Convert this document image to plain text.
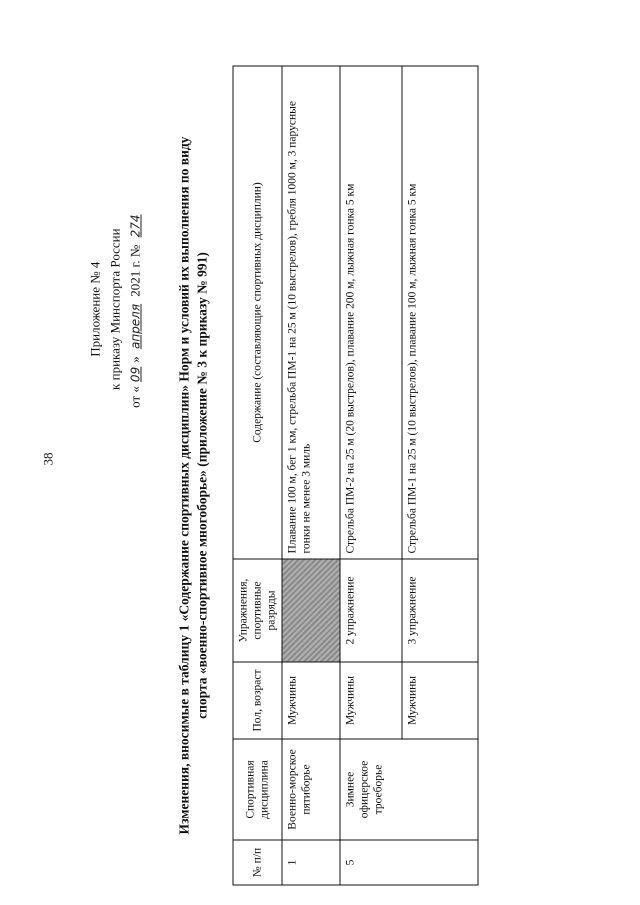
38
Приложение № 4 к приказу Минспорта России
от «09» апреля 2021 г. № 274	Изменения, вносимые в таблицу 1 «Содержание спортивных дисциплин» Норм и условий их выполнения по виду спорта «военно-спортивное многоборье» (приложение № 3 к приказу № 991)
№ п/п	Спортивная дисциплина	Пол, возраст	Упражнения, спортивные разряды	Содержание (составляющие спортивных дисциплин)
1	Военно-морское пятиборье	Мужчины		Плавание 100 м, бег 1 км, стрельба ПМ-1 на 25 м (10 выстрелов), гребля 1000 м, 3 парусные гонки не менее 3 миль
5	Зимнее офицерское троеборье	Мужчины	2 упражнение	Стрельба ПМ-2 на 25 м (20 выстрелов), плавание 200 м, лыжная гонка 5 км
		Мужчины	3 упражнение	Стрельба ПМ-1 на 25 м (10 выстрелов), плавание 100 м, лыжная гонка 5 км
